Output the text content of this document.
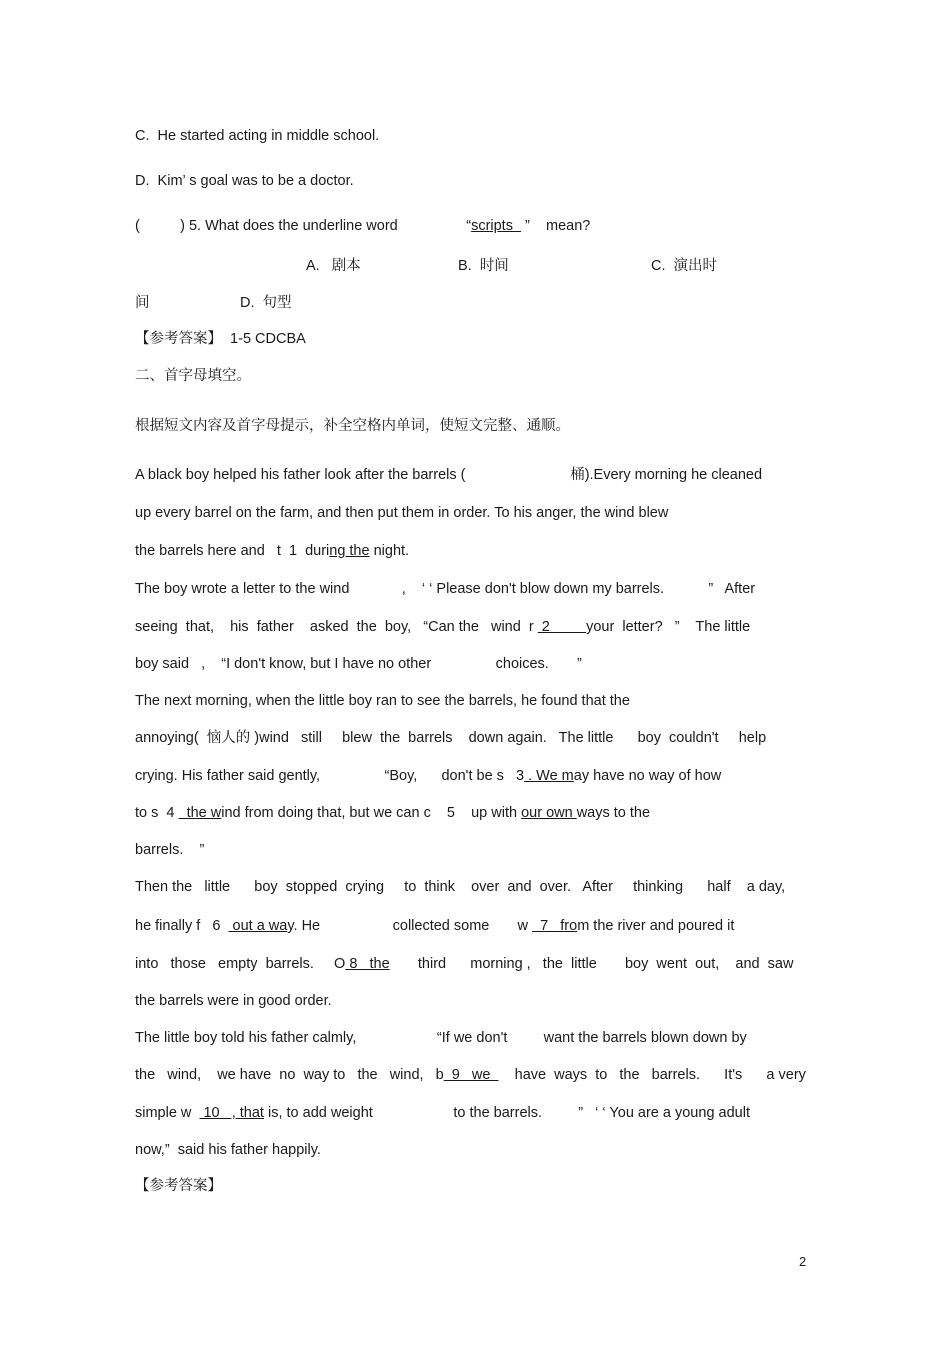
C.  He started acting in middle school.
D.  Kim’ s goal was to be a doctor.
(          ) 5. What does the underline word                 “scripts   ”    mean?
A.   剧本	B.  时间	C.  演出时
间	D.  句型
【参考答案】  1-5 CDCBA
二、首字母填空。
根据短文内容及首字母提示，补全空格内单词，使短文完整、通顺。
A black boy helped his father look after the barrels (                          桶).Every morning he cleaned
up every barrel on the farm, and then put them in order. To his anger, the wind blew
the barrels here and   t  1  during the night.
The boy wrote a letter to the wind             ,    ‘ ‘ Please don't blow down my barrels.           ”   After
seeing  that,    his  father    asked  the  boy,   “Can the   wind  r  2         your  letter?   ”    The little
boy said   ,    “I don't know, but I have no other                choices.       ”
The next morning, when the little boy ran to see the barrels, he found that the
annoying(  恼人的 )wind   still     blew  the  barrels    down again.   The little      boy  couldn't     help
crying. His father said gently,                “Boy,      don't be s   3 . We may have no way of how
to s  4   the wind from doing that, but we can c    5    up with our own ways to the
barrels.    ”
Then the   little      boy  stopped  crying     to  think    over  and  over.   After     thinking      half    a day,
he finally f   6   out a way. He                  collected some       w   7   from the river and poured it
into   those   empty  barrels.     O 8   the       third      morning ,   the  little       boy  went  out,    and  saw
the barrels were in good order.
The little boy told his father calmly,                    “If we don't         want the barrels blown down by
the   wind,    we have  no  way to   the   wind,   b  9   we      have  ways  to   the   barrels.      It's      a very
simple w   10   , that is, to add weight                    to the barrels.         ”   ‘ ‘ You are a young adult
now,”  said his father happily.
【参考答案】
2
